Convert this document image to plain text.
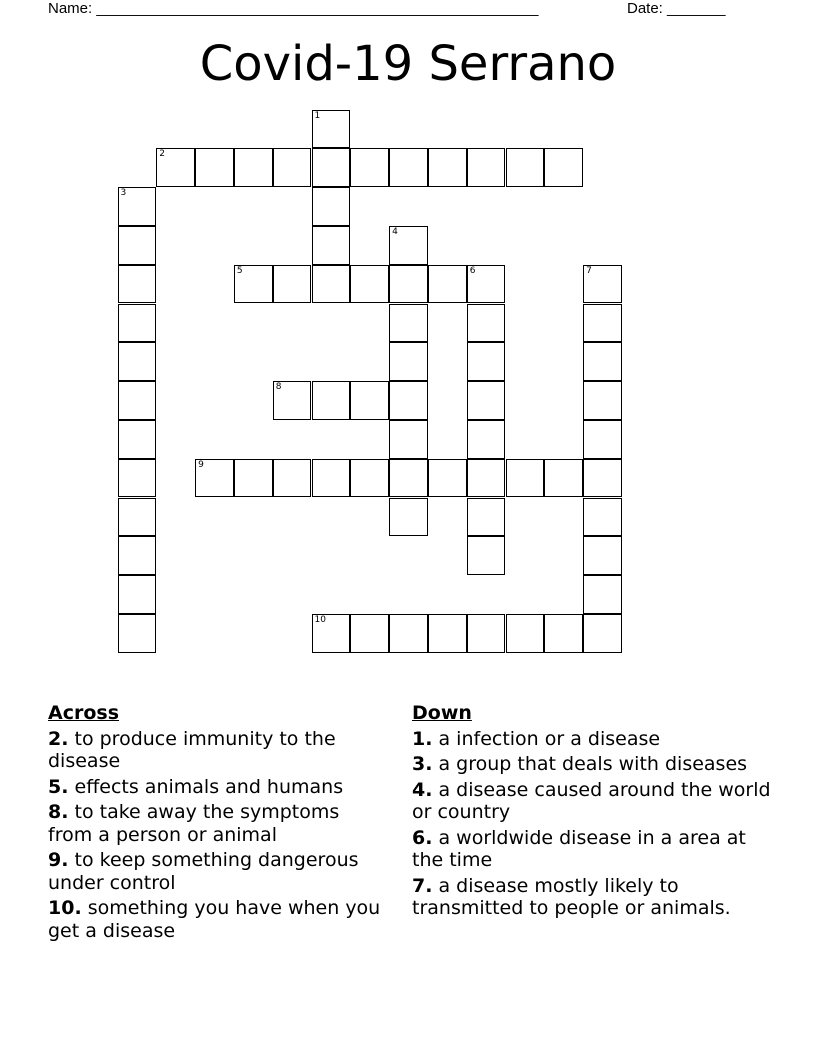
Name: _____________________________________________________	Date: _______
Covid-19 Serrano
1
2
3
4
5	6	7
8
9
10
Across
2. to produce immunity to the disease
5. effects animals and humans
8. to take away the symptoms from a person or animal
9. to keep something dangerous under control
10. something you have when you get a disease
Down
1. a infection or a disease
3. a group that deals with diseases
4. a disease caused around the world or country
6. a worldwide disease in a area at the time
7. a disease mostly likely to transmitted to people or animals.
